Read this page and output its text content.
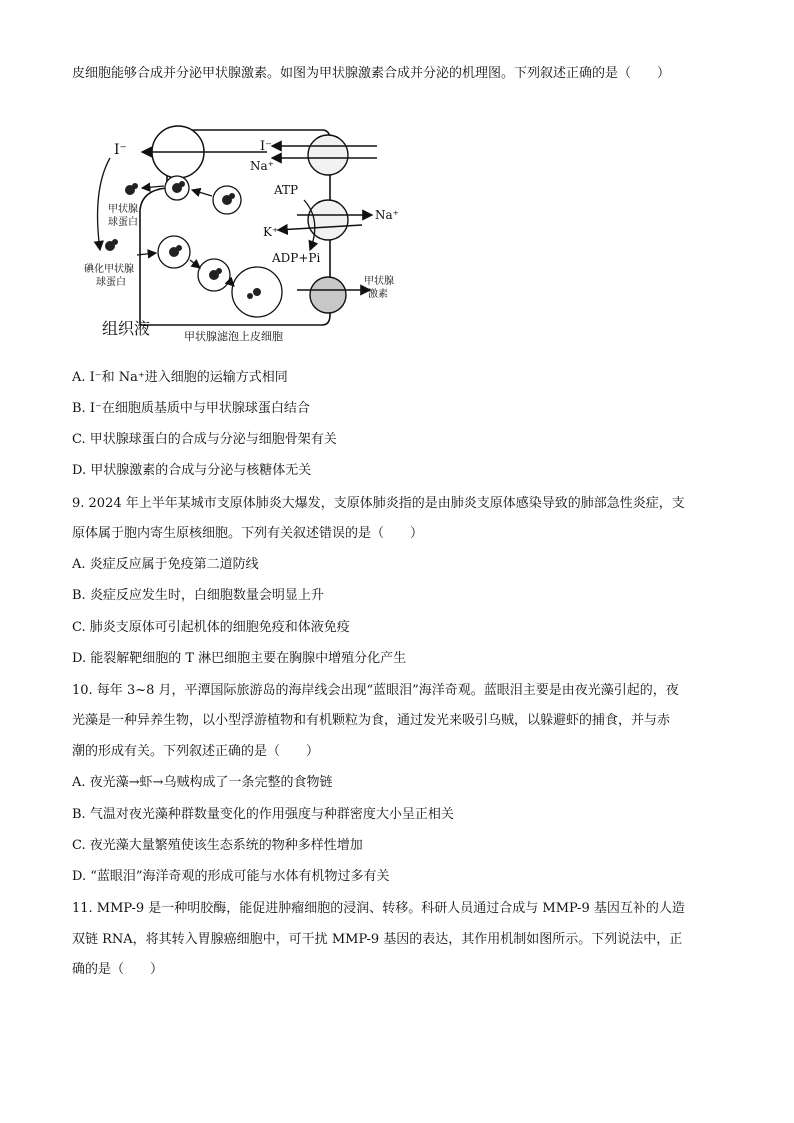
皮细胞能够合成并分泌甲状腺激素。如图为甲状腺激素合成并分泌的机理图。下列叙述正确的是（　　）
I⁻	I⁻
Na⁺
ATP
Na⁺
K⁺
ADP+Pi
甲状腺
球蛋白
碘化甲状腺
球蛋白	甲状腺
激素
组织液	甲状腺滤泡上皮细胞
A. I⁻和 Na⁺进入细胞的运输方式相同
B. I⁻在细胞质基质中与甲状腺球蛋白结合
C. 甲状腺球蛋白的合成与分泌与细胞骨架有关
D. 甲状腺激素的合成与分泌与核糖体无关
9. 2024 年上半年某城市支原体肺炎大爆发，支原体肺炎指的是由肺炎支原体感染导致的肺部急性炎症，支
原体属于胞内寄生原核细胞。下列有关叙述错误的是（　　）
A. 炎症反应属于免疫第二道防线
B. 炎症反应发生时，白细胞数量会明显上升
C. 肺炎支原体可引起机体的细胞免疫和体液免疫
D. 能裂解靶细胞的 T 淋巴细胞主要在胸腺中增殖分化产生
10. 每年 3~8 月，平潭国际旅游岛的海岸线会出现“蓝眼泪”海洋奇观。蓝眼泪主要是由夜光藻引起的，夜
光藻是一种异养生物，以小型浮游植物和有机颗粒为食，通过发光来吸引乌贼，以躲避虾的捕食，并与赤
潮的形成有关。下列叙述正确的是（　　）
A. 夜光藻→虾→乌贼构成了一条完整的食物链
B. 气温对夜光藻种群数量变化的作用强度与种群密度大小呈正相关
C. 夜光藻大量繁殖使该生态系统的物种多样性增加
D. “蓝眼泪”海洋奇观的形成可能与水体有机物过多有关
11. MMP-9 是一种明胶酶，能促进肿瘤细胞的浸润、转移。科研人员通过合成与 MMP-9 基因互补的人造
双链 RNA，将其转入胃腺癌细胞中，可干扰 MMP-9 基因的表达，其作用机制如图所示。下列说法中，正
确的是（　　）
